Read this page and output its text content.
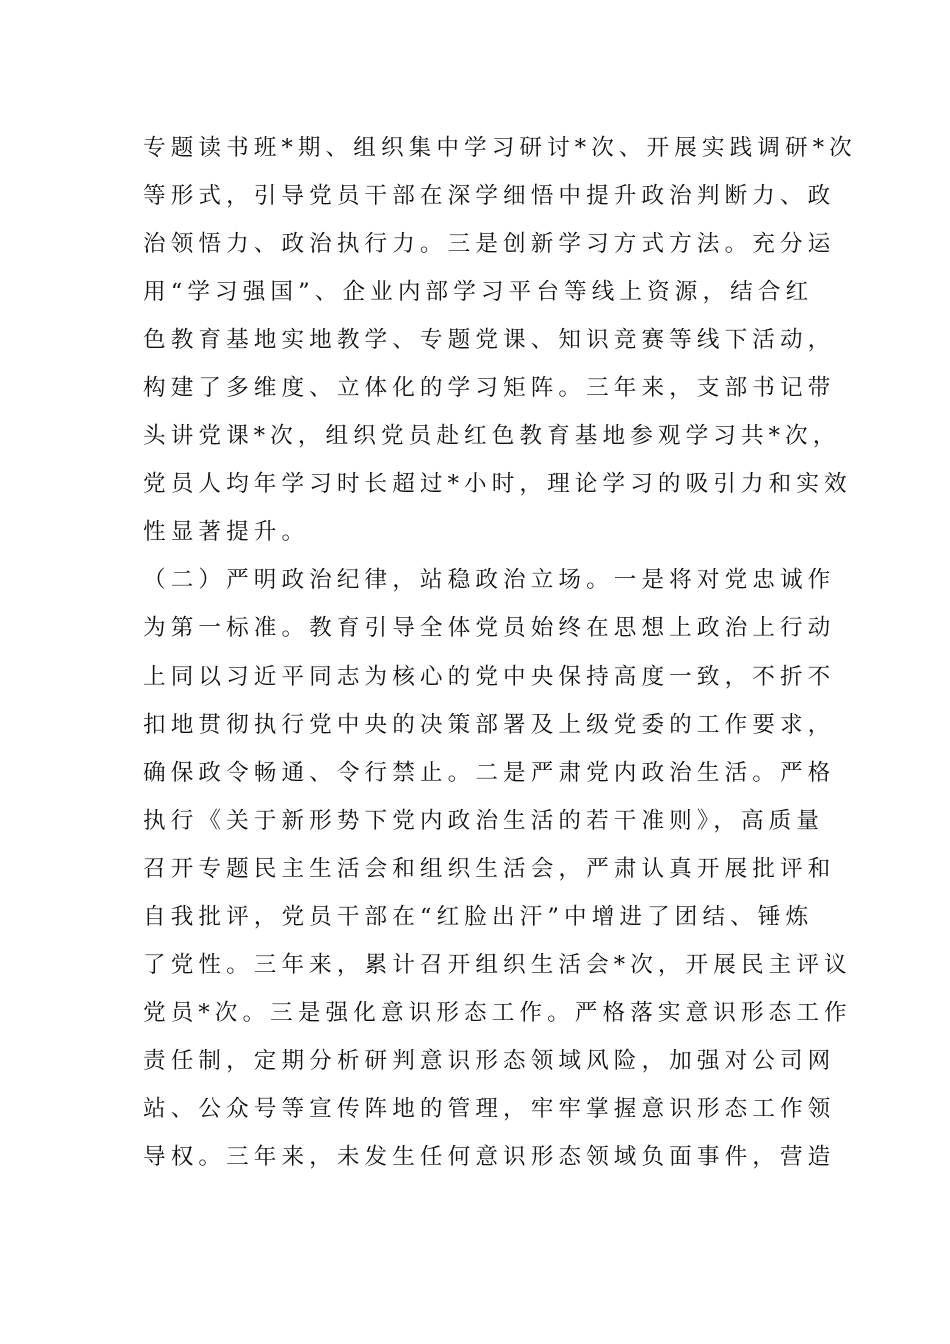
专题读书班*期、组织集中学习研讨*次、开展实践调研*次
等形式，引导党员干部在深学细悟中提升政治判断力、政
治领悟力、政治执行力。三是创新学习方式方法。充分运
用“学习强国”、企业内部学习平台等线上资源，结合红
色教育基地实地教学、专题党课、知识竞赛等线下活动，
构建了多维度、立体化的学习矩阵。三年来，支部书记带
头讲党课*次，组织党员赴红色教育基地参观学习共*次，
党员人均年学习时长超过*小时，理论学习的吸引力和实效
性显著提升。
（二）严明政治纪律，站稳政治立场。一是将对党忠诚作
为第一标准。教育引导全体党员始终在思想上政治上行动
上同以习近平同志为核心的党中央保持高度一致，不折不
扣地贯彻执行党中央的决策部署及上级党委的工作要求，
确保政令畅通、令行禁止。二是严肃党内政治生活。严格
执行《关于新形势下党内政治生活的若干准则》，高质量
召开专题民主生活会和组织生活会，严肃认真开展批评和
自我批评，党员干部在“红脸出汗”中增进了团结、锤炼
了党性。三年来，累计召开组织生活会*次，开展民主评议
党员*次。三是强化意识形态工作。严格落实意识形态工作
责任制，定期分析研判意识形态领域风险，加强对公司网
站、公众号等宣传阵地的管理，牢牢掌握意识形态工作领
导权。三年来，未发生任何意识形态领域负面事件，营造
